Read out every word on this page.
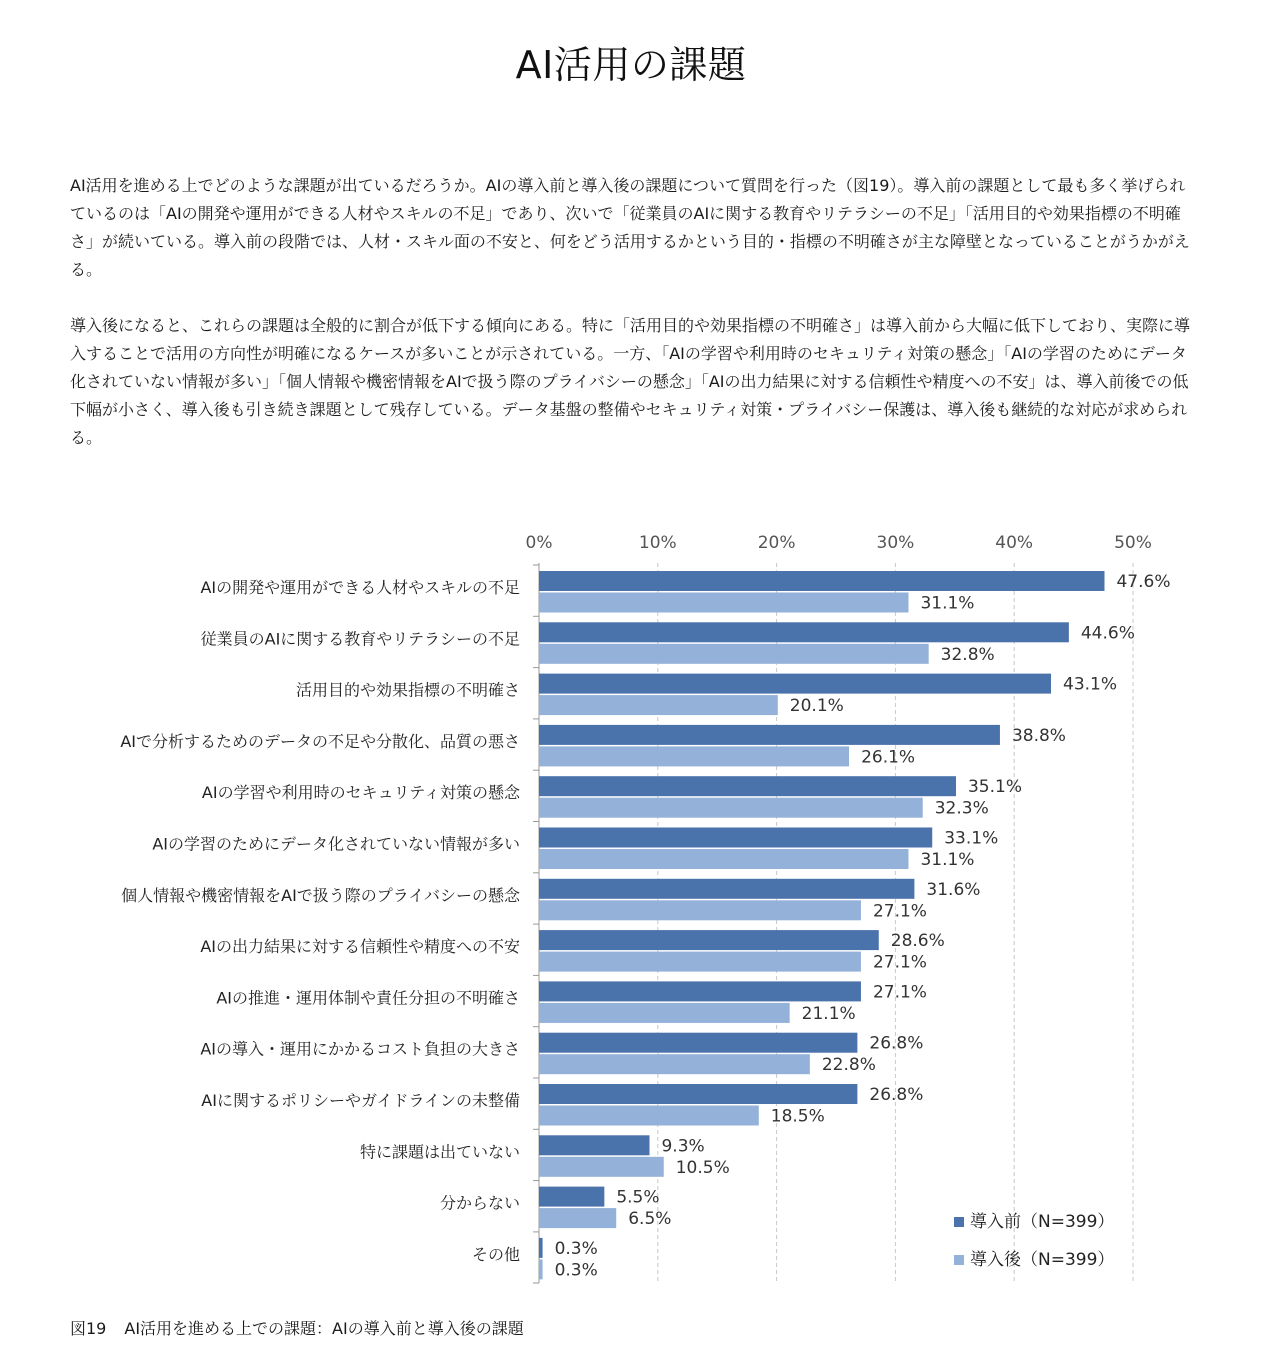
AI活用の課題

AI活用を進める上でどのような課題が出ているだろうか。AIの導入前と導入後の課題について質問を行った（図19）。導入前の課題として最も多く挙げられているのは「AIの開発や運用ができる人材やスキルの不足」であり、次いで「従業員のAIに関する教育やリテラシーの不足」「活用目的や効果指標の不明確さ」が続いている。導入前の段階では、人材・スキル面の不安と、何をどう活用するかという目的・指標の不明確さが主な障壁となっていることがうかがえる。

導入後になると、これらの課題は全般的に割合が低下する傾向にある。特に「活用目的や効果指標の不明確さ」は導入前から大幅に低下しており、実際に導入することで活用の方向性が明確になるケースが多いことが示されている。一方、「AIの学習や利用時のセキュリティ対策の懸念」「AIの学習のためにデータ化されていない情報が多い」「個人情報や機密情報をAIで扱う際のプライバシーの懸念」「AIの出力結果に対する信頼性や精度への不安」は、導入前後での低下幅が小さく、導入後も引き続き課題として残存している。データ基盤の整備やセキュリティ対策・プライバシー保護は、導入後も継続的な対応が求められる。

0%	10%	20%	30%	40%	50%
AIの開発や運用ができる人材やスキルの不足	47.6%
31.1%
従業員のAIに関する教育やリテラシーの不足	44.6%
32.8%
活用目的や効果指標の不明確さ	43.1%
20.1%
AIで分析するためのデータの不足や分散化、品質の悪さ	38.8%
26.1%
AIの学習や利用時のセキュリティ対策の懸念	35.1%
32.3%
AIの学習のためにデータ化されていない情報が多い	33.1%
31.1%
個人情報や機密情報をAIで扱う際のプライバシーの懸念	31.6%
27.1%
AIの出力結果に対する信頼性や精度への不安	28.6%
27.1%
AIの推進・運用体制や責任分担の不明確さ	27.1%
21.1%
AIの導入・運用にかかるコスト負担の大きさ	26.8%
22.8%
AIに関するポリシーやガイドラインの未整備	26.8%
18.5%
特に課題は出ていない	9.3%
10.5%
分からない	5.5%
6.5%
その他 0.3%
0.3%
導入前（N=399）
導入後（N=399）

図19 AI活用を進める上での課題：AIの導入前と導入後の課題
